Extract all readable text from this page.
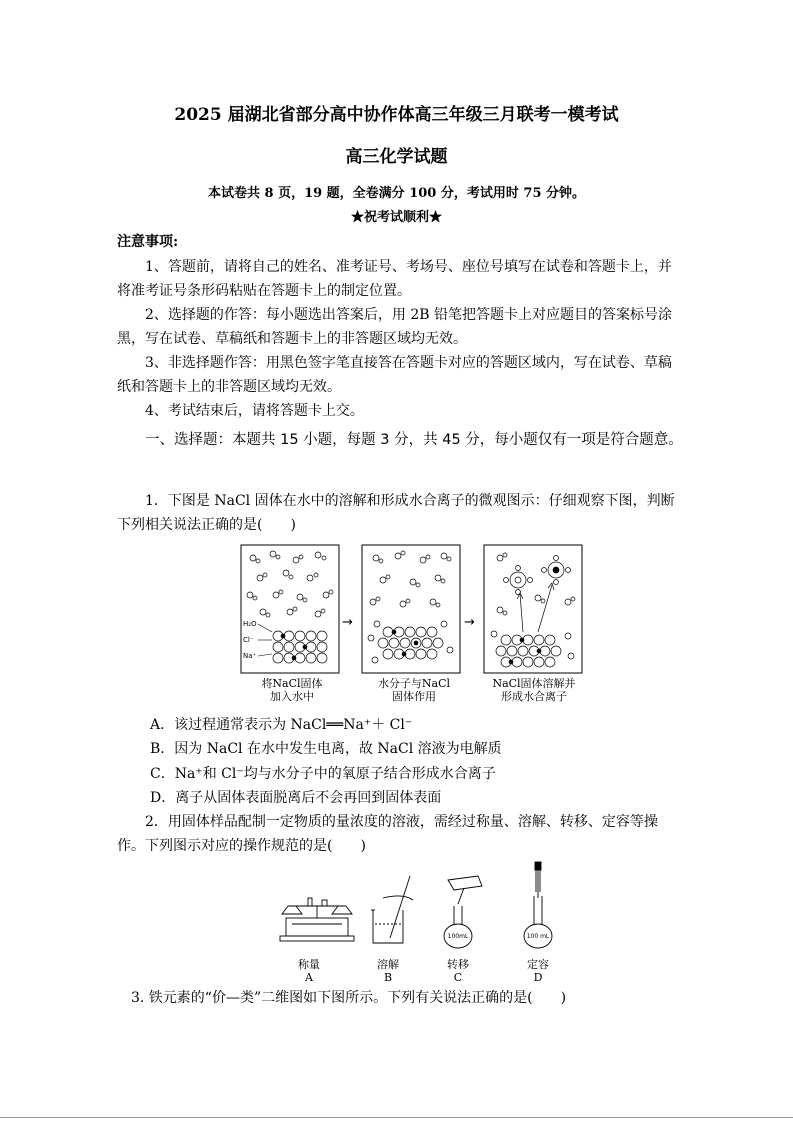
2025 届湖北省部分高中协作体高三年级三月联考一模考试
高三化学试题
本试卷共 8 页，19 题，全卷满分 100 分，考试用时 75 分钟。
★祝考试顺利★
注意事项:
1、答题前，请将自己的姓名、准考证号、考场号、座位号填写在试卷和答题卡上，并将准考证号条形码粘贴在答题卡上的制定位置。
2、选择题的作答：每小题选出答案后，用 2B 铅笔把答题卡上对应题目的答案标号涂黑，写在试卷、草稿纸和答题卡上的非答题区域均无效。
3、非选择题作答：用黑色签字笔直接答在答题卡对应的答题区域内，写在试卷、草稿纸和答题卡上的非答题区域均无效。
4、考试结束后，请将答题卡上交。
一、选择题：本题共 15 小题，每题 3 分，共 45 分，每小题仅有一项是符合题意。
1．下图是 NaCl 固体在水中的溶解和形成水合离子的微观图示：仔细观察下图，判断下列相关说法正确的是(　　)
→	→
H₂O
Cl⁻
Na⁺
将NaCl固体
加入水中
水分子与NaCl
固体作用
NaCl固体溶解并
形成水合离子
A．该过程通常表示为 NaCl══Na⁺＋ Cl⁻
B．因为 NaCl 在水中发生电离，故 NaCl 溶液为电解质
C．Na⁺和 Cl⁻均与水分子中的氧原子结合形成水合离子
D．离子从固体表面脱离后不会再回到固体表面
2．用固体样品配制一定物质的量浓度的溶液，需经过称量、溶解、转移、定容等操作。下列图示对应的操作规范的是(　　)
100mL	100 mL
称量
A
溶解
B
转移
C
定容
D
3. 铁元素的“价—类”二维图如下图所示。下列有关说法正确的是(　　)
